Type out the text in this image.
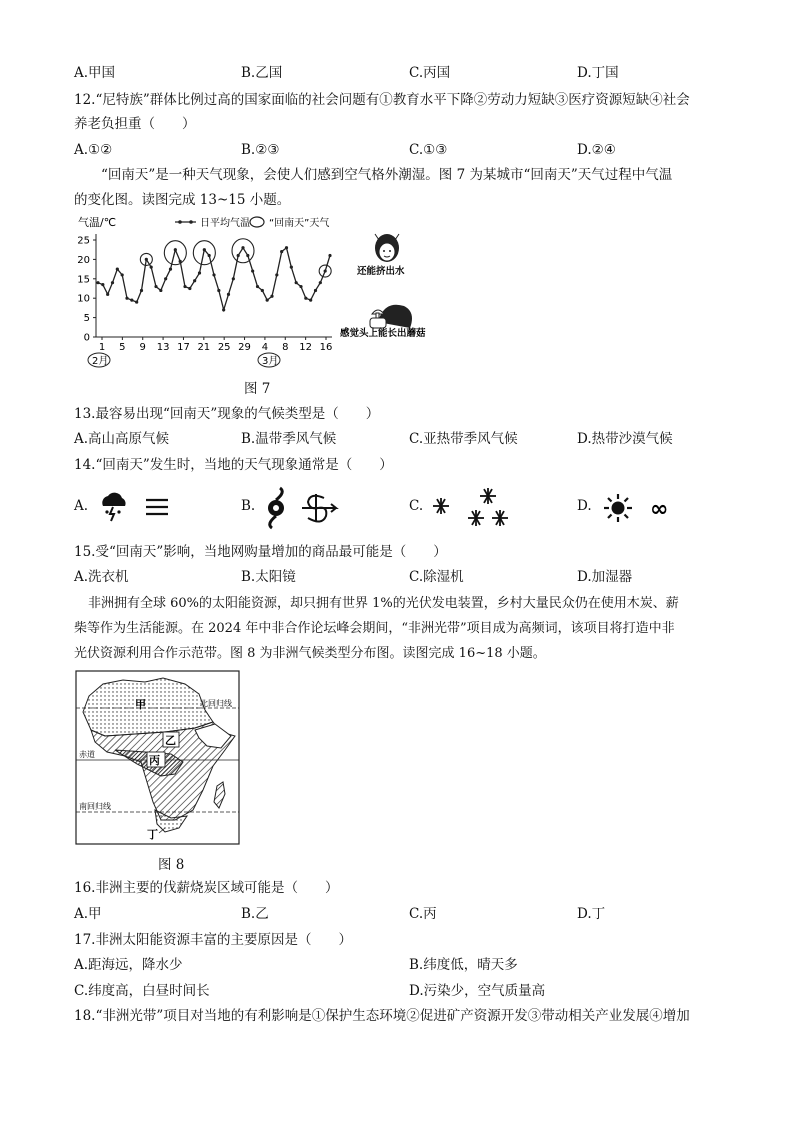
A.甲国	B.乙国	C.丙国	D.丁国
12.“尼特族”群体比例过高的国家面临的社会问题有①教育水平下降②劳动力短缺③医疗资源短缺④社会
养老负担重（　　）
A.①②	B.②③	C.①③	D.②④
“回南天”是一种天气现象，会使人们感到空气格外潮湿。图 7 为某城市“回南天”天气过程中气温
的变化图。读图完成 13~15 小题。
气温/℃	日平均气温 “回南天”天气
0
5
10
15
20
25
1 5 9 13 17 21 25 29 4 8 12 16
2月	3月
还能挤出水
感觉头上能长出蘑菇
图 7
13.最容易出现“回南天”现象的气候类型是（　　）
A.高山高原气候	B.温带季风气候	C.亚热带季风气候	D.热带沙漠气候
14.“回南天”发生时，当地的天气现象通常是（　　）
A.	B.	C.	D.	∞
15.受“回南天”影响，当地网购量增加的商品最可能是（　　）
A.洗衣机	B.太阳镜	C.除湿机	D.加湿器
非洲拥有全球 60%的太阳能资源，却只拥有世界 1%的光伏发电装置，乡村大量民众仍在使用木炭、薪
柴等作为生活能源。在 2024 年中非合作论坛峰会期间，“非洲光带”项目成为高频词，该项目将打造中非
光伏资源利用合作示范带。图 8 为非洲气候类型分布图。读图完成 16~18 小题。
北回归线
赤道
南回归线
甲
乙
丙
丁
图 8
16.非洲主要的伐薪烧炭区域可能是（　　）
A.甲	B.乙	C.丙	D.丁
17.非洲太阳能资源丰富的主要原因是（　　）
A.距海远，降水少	B.纬度低，晴天多
C.纬度高，白昼时间长	D.污染少，空气质量高
18.“非洲光带”项目对当地的有利影响是①保护生态环境②促进矿产资源开发③带动相关产业发展④增加
